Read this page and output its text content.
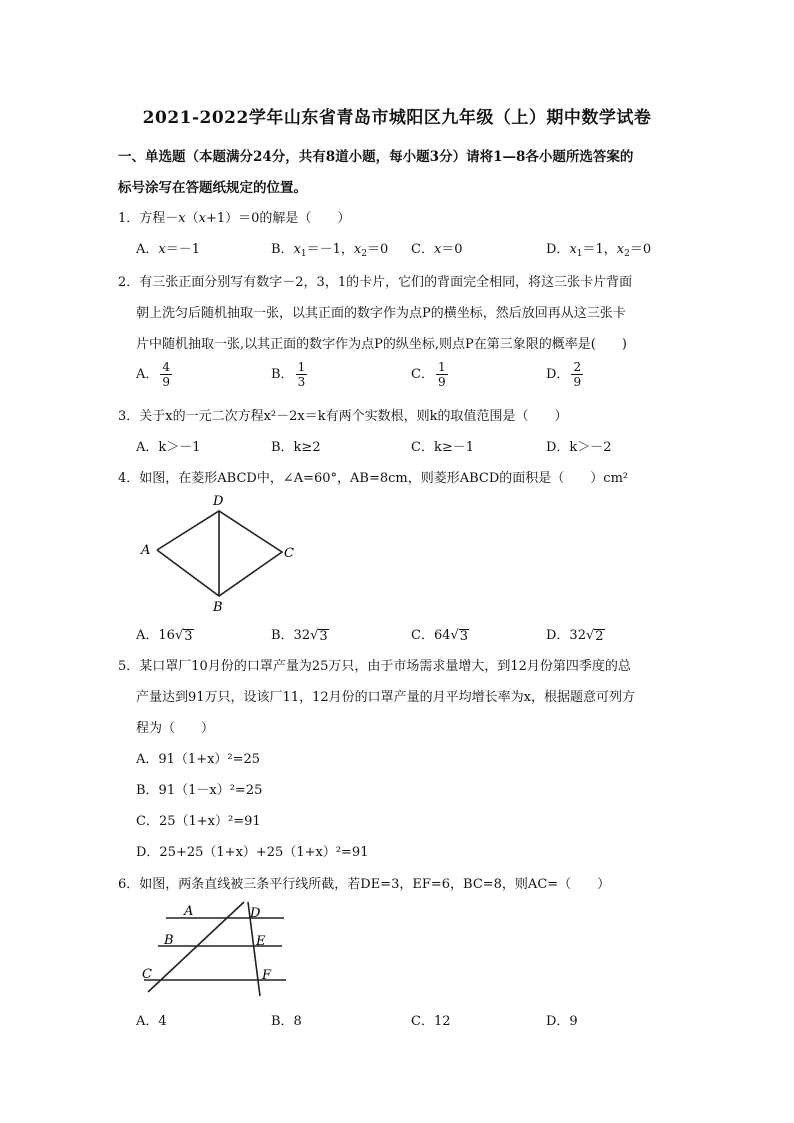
2021-2022学年山东省青岛市城阳区九年级（上）期中数学试卷
一、单选题（本题满分24分，共有8道小题，每小题3分）请将1—8各小题所选答案的
标号涂写在答题纸规定的位置。
1．方程－x（x+1）＝0的解是（　　）
A．x＝－1	B．$x_1=-1$，$x_2=0$ C．x＝0	D．$x_1=1$，$x_2=0$
2．有三张正面分别写有数字－2，3，1的卡片，它们的背面完全相同，将这三张卡片背面
朝上洗匀后随机抽取一张，以其正面的数字作为点P的横坐标，然后放回再从这三张卡
片中随机抽取一张,以其正面的数字作为点P的纵坐标,则点P在第三象限的概率是(　　)
A． $\frac{4}{9}$	B． $\frac{1}{3}$	C． $\frac{1}{9}$	D． $\frac{2}{9}$
3．关于x的一元二次方程x²－2x＝k有两个实数根，则k的取值范围是（　　）
A．k＞－1	B．k≥2	C．k≥－1	D．k＞－2
4．如图，在菱形ABCD中，∠A=60°，AB=8cm，则菱形ABCD的面积是（　　）cm²
A
D
C
B
A．16√ 3	B．32√ 3	C．64√ 3	D．32√ 2
5．某口罩厂10月份的口罩产量为25万只，由于市场需求量增大，到12月份第四季度的总
产量达到91万只，设该厂11，12月份的口罩产量的月平均增长率为x，根据题意可列方
程为（　　）
A．91（1+x）²=25
B．91（1－x）²=25
C．25（1+x）²=91
D．25+25（1+x）+25（1+x）²=91
6．如图，两条直线被三条平行线所截，若DE=3，EF=6，BC=8，则AC=（　　）
A	D
B	E
C	F
A．4	B．8	C．12	D．9
